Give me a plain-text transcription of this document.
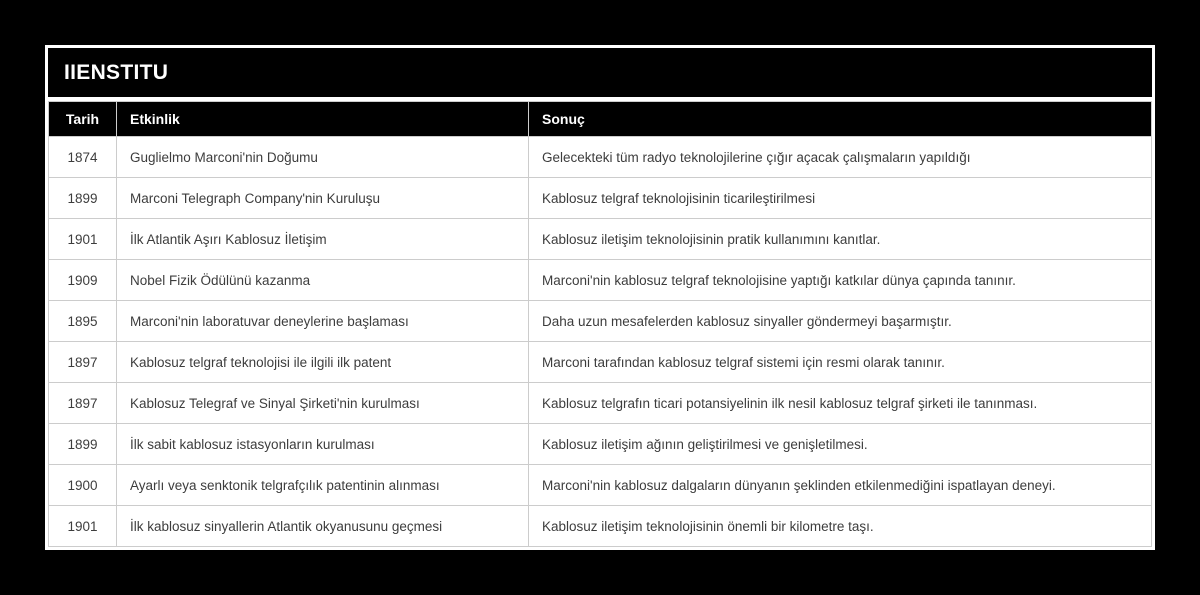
IIENSTITU
Tarih	Etkinlik	Sonuç
1874	Guglielmo Marconi'nin Doğumu	Gelecekteki tüm radyo teknolojilerine çığır açacak çalışmaların yapıldığı
1899	Marconi Telegraph Company'nin Kuruluşu	Kablosuz telgraf teknolojisinin ticarileştirilmesi
1901	İlk Atlantik Aşırı Kablosuz İletişim	Kablosuz iletişim teknolojisinin pratik kullanımını kanıtlar.
1909	Nobel Fizik Ödülünü kazanma	Marconi'nin kablosuz telgraf teknolojisine yaptığı katkılar dünya çapında tanınır.
1895	Marconi'nin laboratuvar deneylerine başlaması	Daha uzun mesafelerden kablosuz sinyaller göndermeyi başarmıştır.
1897	Kablosuz telgraf teknolojisi ile ilgili ilk patent	Marconi tarafından kablosuz telgraf sistemi için resmi olarak tanınır.
1897	Kablosuz Telegraf ve Sinyal Şirketi'nin kurulması	Kablosuz telgrafın ticari potansiyelinin ilk nesil kablosuz telgraf şirketi ile tanınması.
1899	İlk sabit kablosuz istasyonların kurulması	Kablosuz iletişim ağının geliştirilmesi ve genişletilmesi.
1900	Ayarlı veya senktonik telgrafçılık patentinin alınması	Marconi'nin kablosuz dalgaların dünyanın şeklinden etkilenmediğini ispatlayan deneyi.
1901	İlk kablosuz sinyallerin Atlantik okyanusunu geçmesi	Kablosuz iletişim teknolojisinin önemli bir kilometre taşı.
